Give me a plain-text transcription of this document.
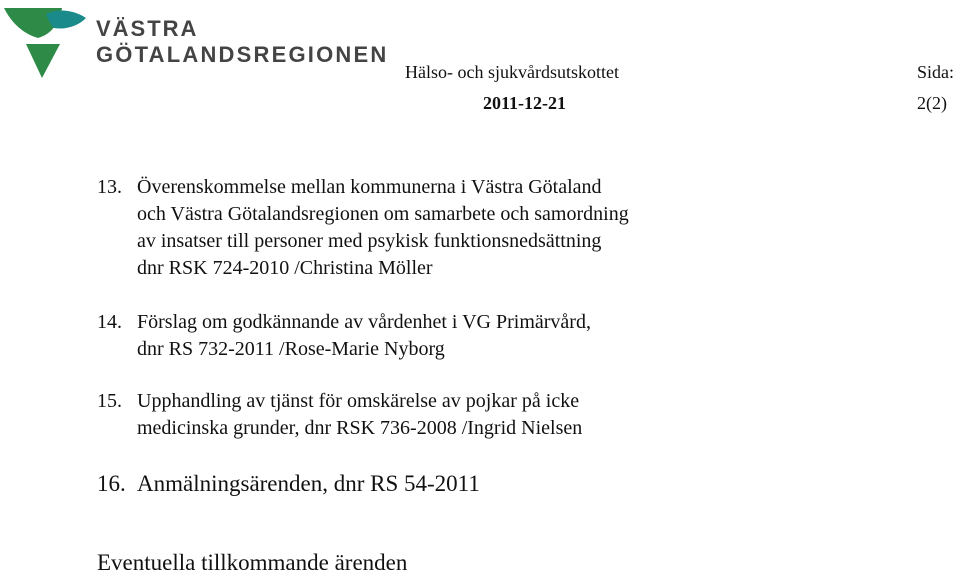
VÄSTRA
GÖTALANDSREGIONEN
Hälso- och sjukvårdsutskottet	Sida:
2011-12-21	2(2)
13. Överenskommelse mellan kommunerna i Västra Götaland
och Västra Götalandsregionen om samarbete och samordning
av insatser till personer med psykisk funktionsnedsättning
dnr RSK 724-2010 /Christina Möller
14. Förslag om godkännande av vårdenhet i VG Primärvård,
dnr RS 732-2011 /Rose-Marie Nyborg
15. Upphandling av tjänst för omskärelse av pojkar på icke
medicinska grunder, dnr RSK 736-2008 /Ingrid Nielsen
16. Anmälningsärenden, dnr RS 54-2011
Eventuella tillkommande ärenden
